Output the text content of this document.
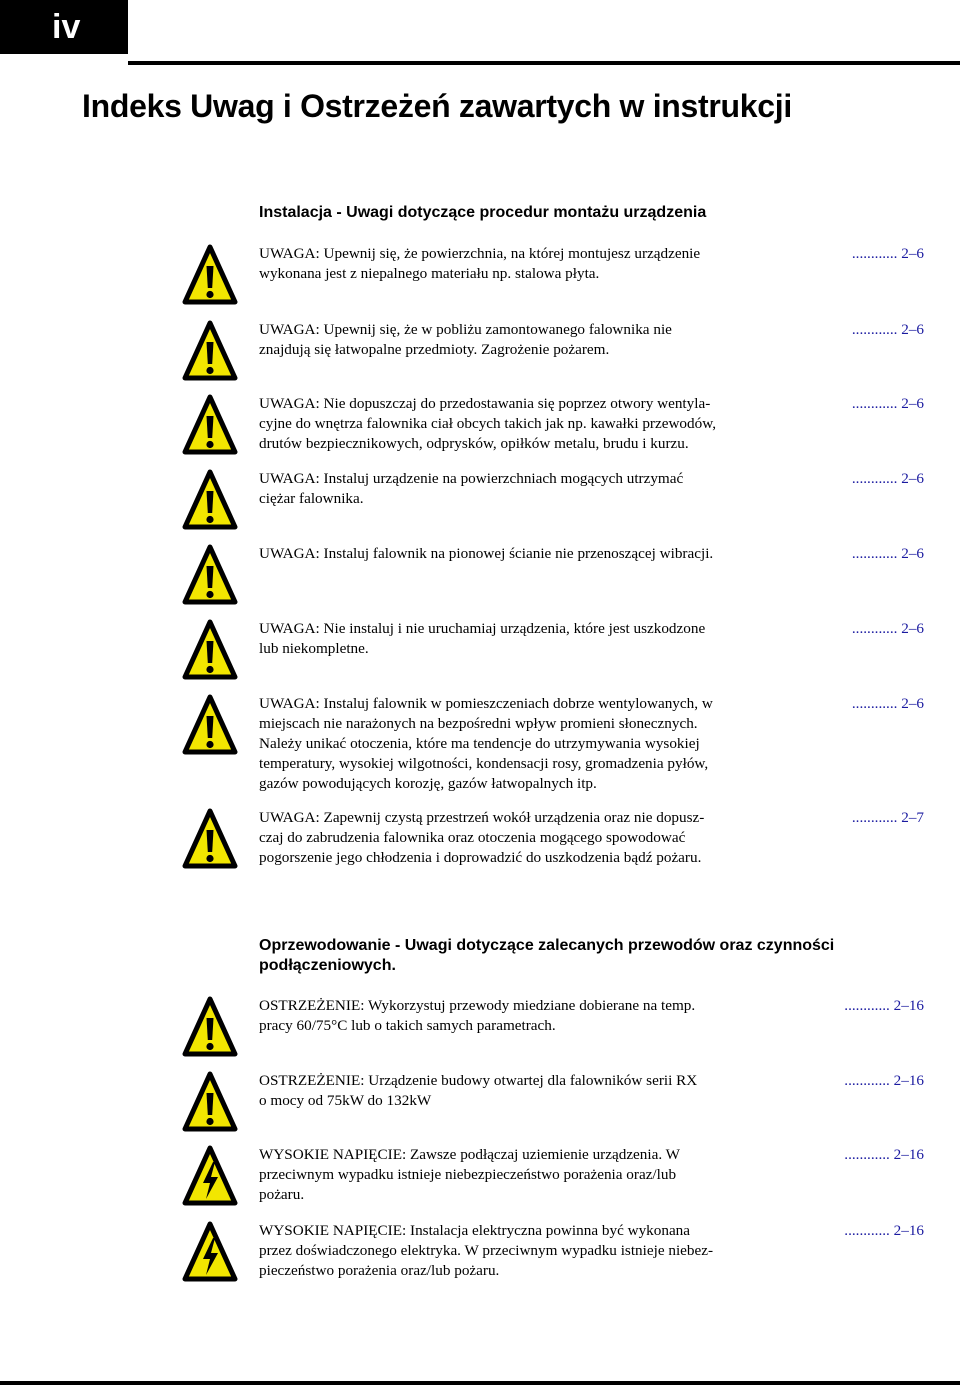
iv
Indeks Uwag i Ostrzeżeń zawartych w instrukcji
Instalacja - Uwagi dotyczące procedur montażu urządzenia
UWAGA: Upewnij się, że powierzchnia, na której montujesz urządzenie
wykonana jest z niepalnego materiału np. stalowa płyta.
............ 2–6
UWAGA: Upewnij się, że w pobliżu zamontowanego falownika nie
znajdują się łatwopalne przedmioty. Zagrożenie pożarem.
............ 2–6
UWAGA: Nie dopuszczaj do przedostawania się poprzez otwory wentyla-
cyjne do wnętrza falownika ciał obcych takich jak np. kawałki przewodów,
drutów bezpiecznikowych, odprysków, opiłków metalu, brudu i kurzu.
............ 2–6
UWAGA: Instaluj urządzenie na powierzchniach mogących utrzymać
ciężar falownika.
............ 2–6
UWAGA: Instaluj falownik na pionowej ścianie nie przenoszącej wibracji.	............ 2–6
UWAGA: Nie instaluj i nie uruchamiaj urządzenia, które jest uszkodzone
lub niekompletne.
............ 2–6
UWAGA: Instaluj falownik w pomieszczeniach dobrze wentylowanych, w
miejscach nie narażonych na bezpośredni wpływ promieni słonecznych.
Należy unikać otoczenia, które ma tendencje do utrzymywania wysokiej
temperatury, wysokiej wilgotności, kondensacji rosy, gromadzenia pyłów,
gazów powodujących korozję, gazów łatwopalnych itp.
............ 2–6
UWAGA: Zapewnij czystą przestrzeń wokół urządzenia oraz nie dopusz-
czaj do zabrudzenia falownika oraz otoczenia mogącego spowodować
pogorszenie jego chłodzenia i doprowadzić do uszkodzenia bądź pożaru.
............ 2–7
Oprzewodowanie - Uwagi dotyczące zalecanych przewodów oraz czynności podłączeniowych.
OSTRZEŻENIE: Wykorzystuj przewody miedziane dobierane na temp.
pracy 60/75°C lub o takich samych parametrach.
............ 2–16
OSTRZEŻENIE: Urządzenie budowy otwartej dla falowników serii RX
o mocy od 75kW do 132kW
............ 2–16
WYSOKIE NAPIĘCIE: Zawsze podłączaj uziemienie urządzenia. W
przeciwnym wypadku istnieje niebezpieczeństwo porażenia oraz/lub
pożaru.
............ 2–16
WYSOKIE NAPIĘCIE: Instalacja elektryczna powinna być wykonana
przez doświadczonego elektryka. W przeciwnym wypadku istnieje niebez-
pieczeństwo porażenia oraz/lub pożaru.
............ 2–16
